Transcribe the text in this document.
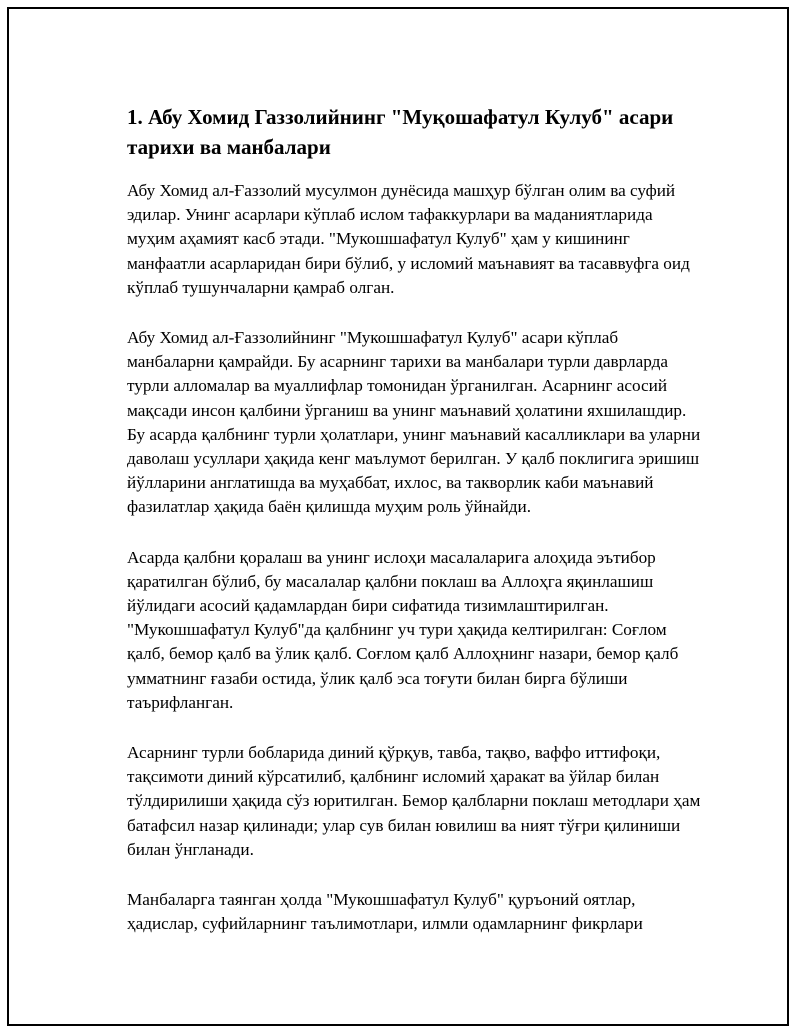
1. Абу Хомид Газзолийнинг "Муқошафатул Кулуб" асари тарихи ва манбалари

Абу Хомид ал-Ғаззолий мусулмон дунёсида машҳур бўлган олим ва суфий эдилар. Унинг асарлари кўплаб ислом тафаккурлари ва маданиятларида муҳим аҳамият касб этади. "Мукошшафатул Кулуб" ҳам у кишининг манфаатли асарларидан бири бўлиб, у исломий маънавият ва тасаввуфга оид кўплаб тушунчаларни қамраб олган.

Абу Хомид ал-Ғаззолийнинг "Мукошшафатул Кулуб" асари кўплаб манбаларни қамрайди. Бу асарнинг тарихи ва манбалари турли даврларда турли алломалар ва муаллифлар томонидан ўрганилган. Асарнинг асосий мақсади инсон қалбини ўрганиш ва унинг маънавий ҳолатини яхшилашдир. Бу асарда қалбнинг турли ҳолатлари, унинг маънавий касалликлари ва уларни даволаш усуллари ҳақида кенг маълумот берилган. У қалб поклигига эришиш йўлларини англатишда ва муҳаббат, ихлос, ва такворлик каби маънавий фазилатлар ҳақида баён қилишда муҳим роль ўйнайди.

Асарда қалбни қоралаш ва унинг ислоҳи масалаларига алоҳида эътибор қаратилган бўлиб, бу масалалар қалбни поклаш ва Аллоҳга яқинлашиш йўлидаги асосий қадамлардан бири сифатида тизимлаштирилган. "Мукошшафатул Кулуб"да қалбнинг уч тури ҳақида келтирилган: Соғлом қалб, бемор қалб ва ўлик қалб. Соғлом қалб Аллоҳнинг назари, бемор қалб умматнинг ғазаби остида, ўлик қалб эса тоғути билан бирга бўлиши таърифланган.

Асарнинг турли бобларида диний қўрқув, тавба, тақво, ваффо иттифоқи, тақсимоти диний кўрсатилиб, қалбнинг исломий ҳаракат ва ўйлар билан тўлдирилиши ҳақида сўз юритилган. Бемор қалбларни поклаш методлари ҳам батафсил назар қилинади; улар сув билан ювилиш ва ният тўғри қилиниши билан ўнгланади.

Манбаларга таянган ҳолда "Мукошшафатул Кулуб" қуръоний оятлар, ҳадислар, суфийларнинг таълимотлари, илмли одамларнинг фикрлари
